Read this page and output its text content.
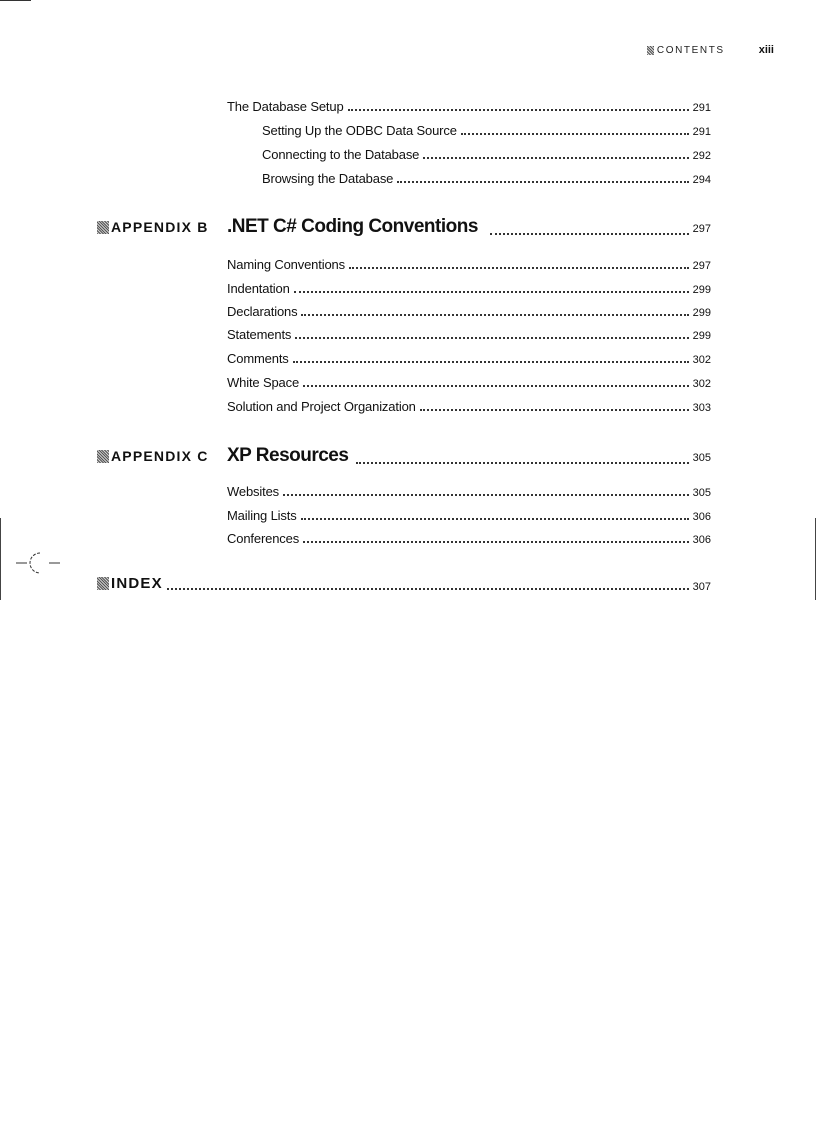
CONTENTS	xiii
The Database Setup	291
Setting Up the ODBC Data Source	291
Connecting to the Database	292
Browsing the Database	294
APPENDIX B .NET C# Coding Conventions	297
Naming Conventions	297
Indentation	299
Declarations	299
Statements	299
Comments	302
White Space	302
Solution and Project Organization	303
APPENDIX C XP Resources	305
Websites	305
Mailing Lists	306
Conferences	306
INDEX	307
